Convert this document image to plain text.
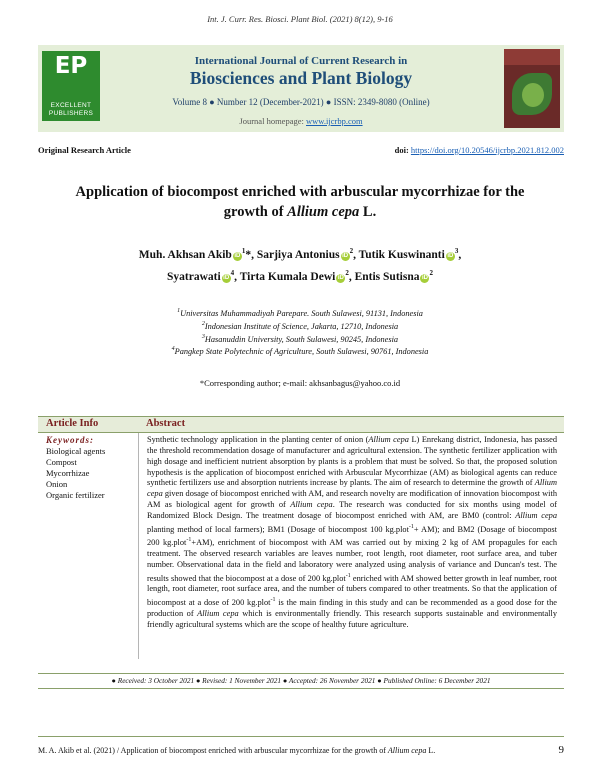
Int. J. Curr. Res. Biosci. Plant Biol. (2021) 8(12), 9-16
EP
EXCELLENT PUBLISHERS
International Journal of Current Research in
Biosciences and Plant Biology
Volume 8 ● Number 12 (December-2021) ● ISSN: 2349-8080 (Online)
Journal homepage: www.ijcrbp.com
Original Research Article	doi: https://doi.org/10.20546/ijcrbp.2021.812.002
Application of biocompost enriched with arbuscular mycorrhizae for the growth of Allium cepa L.
Muh. Akhsan Akib $iD^1*$, Sarjiya Antonius $iD^2$, Tutik Kuswinanti $iD^3$,
Syatrawati $iD^4$, Tirta Kumala Dewi $iD^2$, Entis Sutisna $iD^2$
$^1$Universitas Muhammadiyah Parepare. South Sulawesi, 91131, Indonesia
$^2$Indonesian Institute of Science, Jakarta, 12710, Indonesia
$^3$Hasanuddin University, South Sulawesi, 90245, Indonesia
$^4$Pangkep State Polytechnic of Agriculture, South Sulawesi, 90761, Indonesia
*Corresponding author; e-mail: akhsanbagus@yahoo.co.id
Article Info	Abstract
Keywords:
Biological agents
Compost
Mycorrhizae
Onion
Organic fertilizer
Synthetic technology application in the planting center of onion (Allium cepa L) Enrekang district, Indonesia, has passed the threshold recommendation dosage of manufacturer and agricultural extension. The synthetic fertilizer application with high dosage and inefficient nutrient absorption by plants is a problem that must be solved. So that, the proposed solution hypothesis is the application of biocompost enriched with Arbuscular Mycorrhizae (AM) as biological agents can reduce synthetic fertilizers use and absorption nutrients increase by plants. The aim of research to determine the growth of Allium cepa given dosage of biocompost enriched with AM, and research novelty are modification of innovation biocompost with AM as biological agent for growth of Allium cepa. The research was conducted for six months using model of Randomized Block Design. The treatment dosage of biocompost enriched with AM, are BM0 (control: Allium cepa planting method of local farmers); BM1 (Dosage of biocompost 100 kg.plot$^{-1}$+ AM); and BM2 (Dosage of biocompost 200 kg.plot$^{-1}$+AM), enrichment of biocompost with AM was carried out by mixing 2 kg of AM propagules for each treatment. The observed research variables are leaves number, root length, root diameter, root surface area, and tuber number. Observational data in the field and laboratory were analyzed using analysis of variance and Duncan's test. The results showed that the biocompost at a dose of 200 kg.plot$^{-1}$ enriched with AM showed better growth in leaf number, root length, root diameter, root surface area, and the number of tubers compared to other treatments. So that the application of biocompost at a dose of 200 kg.plot$^{-1}$ is the main finding in this study and can be recommended as a good dose for the production of Allium cepa which is environmentally friendly. This research supports sustainable and environmentally friendly agricultural systems which are the scope of healthy future agriculture.
● Received: 3 October 2021 ● Revised: 1 November 2021 ● Accepted: 26 November 2021 ● Published Online: 6 December 2021
M. A. Akib et al. (2021) / Application of biocompost enriched with arbuscular mycorrhizae for the growth of Allium cepa L.	9
